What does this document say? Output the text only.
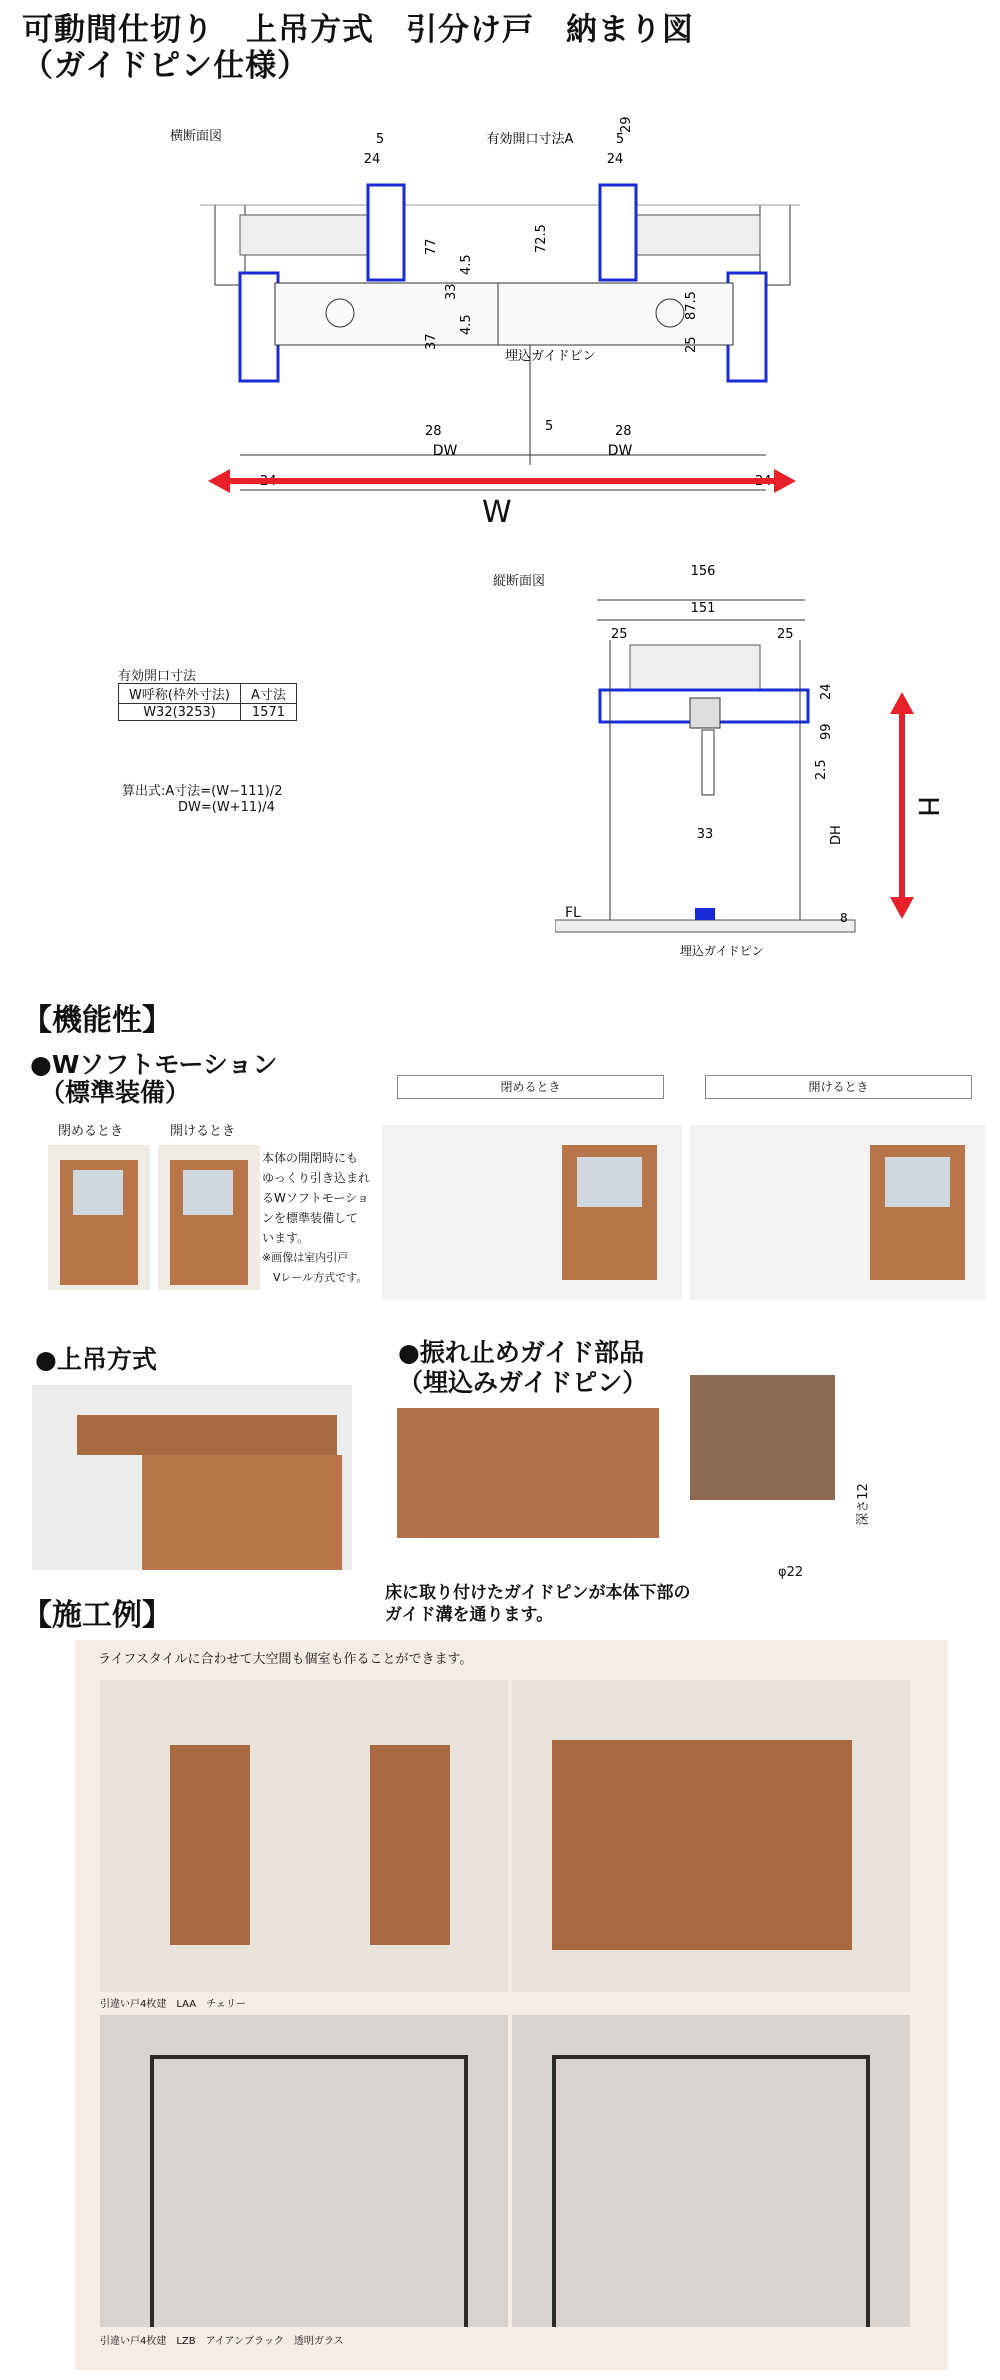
可動間仕切り　上吊方式　引分け戸　納まり図
（ガイドピン仕様）
横断面図	有効開口寸法A
5
24
5
24
DW	DW
5
28	28
33
77	72.5
4.5
37
4.5
87.5
25
29
埋込ガイドピン
W
縦断面図
156
151
25	25
24
99
2.5
33	DH
8
埋込ガイドピン
FL
H
有効開口寸法
W呼称(枠外寸法)	A寸法
W32(3253)	1571
算出式:A寸法=(W−111)/2
DW=(W+11)/4
【機能性】
●Wソフトモーション
（標準装備）
閉めるとき	開けるとき
本体の開閉時にも
ゆっくり引き込まれ
るWソフトモーショ
ンを標準装備して
います。
※画像は室内引戸
　Vレール方式です。
閉めるとき	開けるとき
●上吊方式	●振れ止めガイド部品
（埋込みガイドピン）
深さ12
φ22
床に取り付けたガイドピンが本体下部の
ガイド溝を通ります。
【施工例】
ライフスタイルに合わせて大空間も個室も作ることができます。
引違い戸4枚建　LAA　チェリー
引違い戸4枚建　LZB　アイアンブラック　透明ガラス
